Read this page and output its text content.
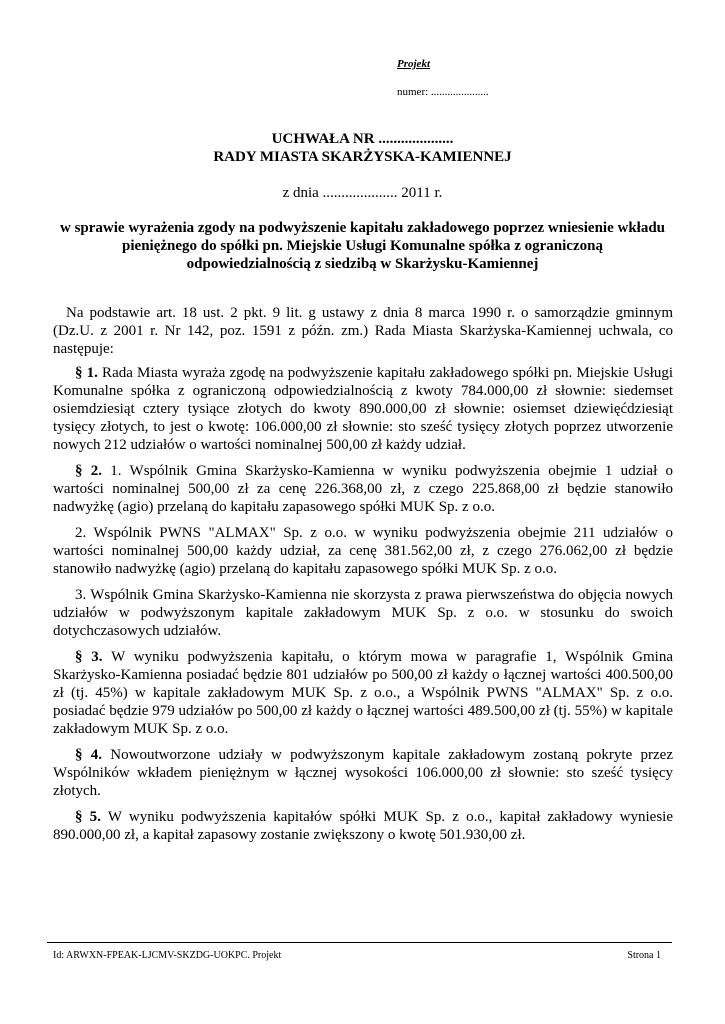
Projekt
numer: .....................
UCHWAŁA NR ....................
RADY MIASTA SKARŻYSKA-KAMIENNEJ
z dnia .................... 2011 r.
w sprawie wyrażenia zgody na podwyższenie kapitału zakładowego poprzez wniesienie wkładu pieniężnego do spółki pn. Miejskie Usługi Komunalne spółka z ograniczoną odpowiedzialnością z siedzibą w Skarżysku-Kamiennej

Na podstawie art. 18 ust. 2 pkt. 9 lit. g ustawy z dnia 8 marca 1990 r. o samorządzie gminnym (Dz.U. z 2001 r. Nr 142, poz. 1591 z późn. zm.) Rada Miasta Skarżyska-Kamiennej uchwala, co następuje:

§ 1. Rada Miasta wyraża zgodę na podwyższenie kapitału zakładowego spółki pn. Miejskie Usługi Komunalne spółka z ograniczoną odpowiedzialnością z kwoty 784.000,00 zł słownie: siedemset osiemdziesiąt cztery tysiące złotych do kwoty 890.000,00 zł słownie: osiemset dziewięćdziesiąt tysięcy złotych, to jest o kwotę: 106.000,00 zł słownie: sto sześć tysięcy złotych poprzez utworzenie nowych 212 udziałów o wartości nominalnej 500,00 zł każdy udział.

§ 2. 1. Wspólnik Gmina Skarżysko-Kamienna w wyniku podwyższenia obejmie 1 udział o wartości nominalnej 500,00 zł za cenę 226.368,00 zł, z czego 225.868,00 zł będzie stanowiło nadwyżkę (agio) przelaną do kapitału zapasowego spółki MUK Sp. z o.o.

2. Wspólnik PWNS "ALMAX" Sp. z o.o. w wyniku podwyższenia obejmie 211 udziałów o wartości nominalnej 500,00 każdy udział, za cenę 381.562,00 zł, z czego 276.062,00 zł będzie stanowiło nadwyżkę (agio) przelaną do kapitału zapasowego spółki MUK Sp. z o.o.

3. Wspólnik Gmina Skarżysko-Kamienna nie skorzysta z prawa pierwszeństwa do objęcia nowych udziałów w podwyższonym kapitale zakładowym MUK Sp. z o.o. w stosunku do swoich dotychczasowych udziałów.

§ 3. W wyniku podwyższenia kapitału, o którym mowa w paragrafie 1, Wspólnik Gmina Skarżysko-Kamienna posiadać będzie 801 udziałów po 500,00 zł każdy o łącznej wartości 400.500,00 zł (tj. 45%) w kapitale zakładowym MUK Sp. z o.o., a Wspólnik PWNS "ALMAX" Sp. z o.o. posiadać będzie 979 udziałów po 500,00 zł każdy o łącznej wartości 489.500,00 zł (tj. 55%) w kapitale zakładowym MUK Sp. z o.o.

§ 4. Nowoutworzone udziały w podwyższonym kapitale zakładowym zostaną pokryte przez Wspólników wkładem pieniężnym w łącznej wysokości 106.000,00 zł słownie: sto sześć tysięcy złotych.

§ 5. W wyniku podwyższenia kapitałów spółki MUK Sp. z o.o., kapitał zakładowy wyniesie 890.000,00 zł, a kapitał zapasowy zostanie zwiększony o kwotę 501.930,00 zł.

Id: ARWXN-FPEAK-LJCMV-SKZDG-UOKPC. Projekt	Strona 1
